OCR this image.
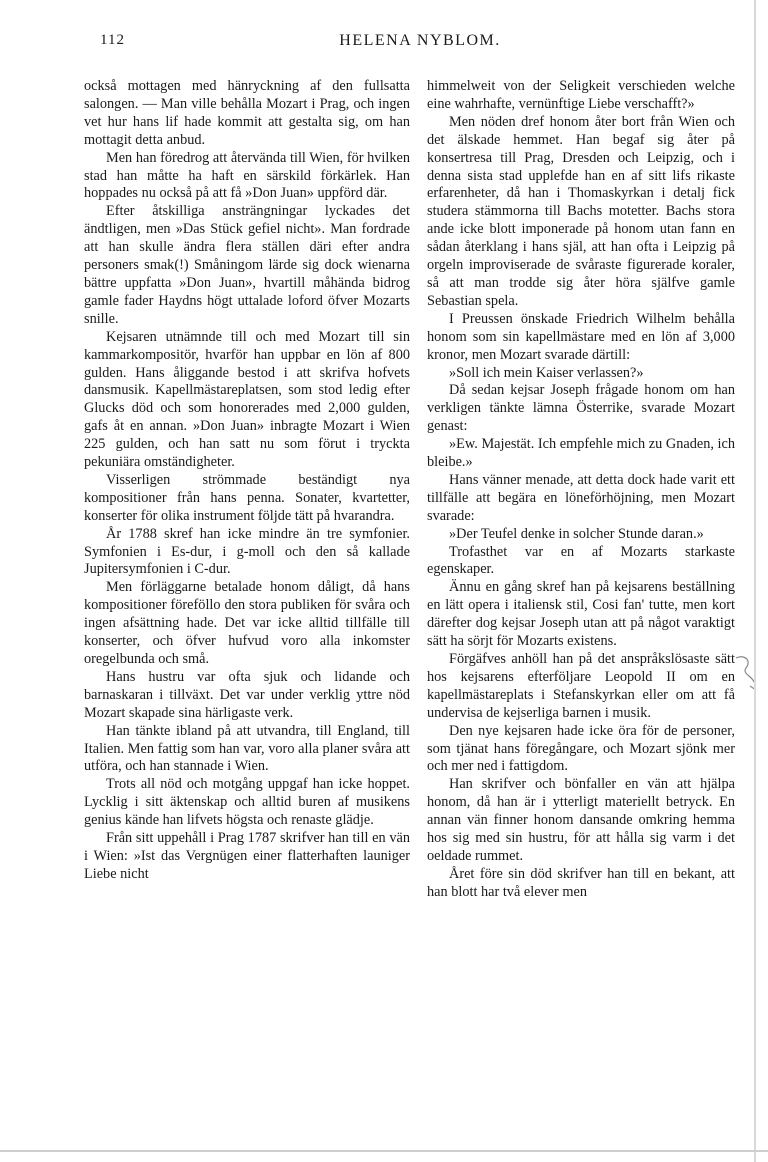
112	HELENA NYBLOM.

också mottagen med hänryckning af den fullsatta salongen. — Man ville behålla Mozart i Prag, och ingen vet hur hans lif hade kommit att gestalta sig, om han mottagit detta anbud.

Men han föredrog att återvända till Wien, för hvilken stad han måtte ha haft en särskild förkärlek. Han hoppades nu också på att få »Don Juan» uppförd där.

Efter åtskilliga ansträngningar lyckades det ändtligen, men »Das Stück gefiel nicht». Man fordrade att han skulle ändra flera ställen däri efter andra personers smak(!) Småningom lärde sig dock wienarna bättre uppfatta »Don Juan», hvartill måhända bidrog gamle fader Haydns högt uttalade loford öfver Mozarts snille.

Kejsaren utnämnde till och med Mozart till sin kammarkompositör, hvarför han uppbar en lön af 800 gulden. Hans åliggande bestod i att skrifva hofvets dansmusik. Kapellmästareplatsen, som stod ledig efter Glucks död och som honorerades med 2,000 gulden, gafs åt en annan. »Don Juan» inbragte Mozart i Wien 225 gulden, och han satt nu som förut i tryckta pekuniära omständigheter.

Visserligen strömmade beständigt nya kompositioner från hans penna. Sonater, kvartetter, konserter för olika instrument följde tätt på hvarandra.

År 1788 skref han icke mindre än tre symfonier. Symfonien i Es-dur, i g-moll och den så kallade Jupitersymfonien i C-dur.

Men förläggarne betalade honom dåligt, då hans kompositioner föreföllo den stora publiken för svåra och ingen afsättning hade. Det var icke alltid tillfälle till konserter, och öfver hufvud voro alla inkomster oregelbunda och små.

Hans hustru var ofta sjuk och lidande och barnaskaran i tillväxt. Det var under verklig yttre nöd Mozart skapade sina härligaste verk.

Han tänkte ibland på att utvandra, till England, till Italien. Men fattig som han var, voro alla planer svåra att utföra, och han stannade i Wien.

Trots all nöd och motgång uppgaf han icke hoppet. Lycklig i sitt äktenskap och alltid buren af musikens genius kände han lifvets högsta och renaste glädje.

Från sitt uppehåll i Prag 1787 skrifver han till en vän i Wien: »Ist das Vergnügen einer flatterhaften launiger Liebe nicht

himmelweit von der Seligkeit verschieden welche eine wahrhafte, vernünftige Liebe verschafft?»

Men nöden dref honom åter bort från Wien och det älskade hemmet. Han begaf sig åter på konsertresa till Prag, Dresden och Leipzig, och i denna sista stad upplefde han en af sitt lifs rikaste erfarenheter, då han i Thomaskyrkan i detalj fick studera stämmorna till Bachs motetter. Bachs stora ande icke blott imponerade på honom utan fann en sådan återklang i hans själ, att han ofta i Leipzig på orgeln improviserade de svåraste figurerade koraler, så att man trodde sig åter höra själfve gamle Sebastian spela.

I Preussen önskade Friedrich Wilhelm behålla honom som sin kapellmästare med en lön af 3,000 kronor, men Mozart svarade därtill:

»Soll ich mein Kaiser verlassen?»

Då sedan kejsar Joseph frågade honom om han verkligen tänkte lämna Österrike, svarade Mozart genast:

»Ew. Majestät. Ich empfehle mich zu Gnaden, ich bleibe.»

Hans vänner menade, att detta dock hade varit ett tillfälle att begära en löneförhöjning, men Mozart svarade:

»Der Teufel denke in solcher Stunde daran.»

Trofasthet var en af Mozarts starkaste egenskaper.

Ännu en gång skref han på kejsarens beställning en lätt opera i italiensk stil, Cosi fan' tutte, men kort därefter dog kejsar Joseph utan att på något varaktigt sätt ha sörjt för Mozarts existens.

Förgäfves anhöll han på det anspråkslösaste sätt hos kejsarens efterföljare Leopold II om en kapellmästareplats i Stefanskyrkan eller om att få undervisa de kejserliga barnen i musik.

Den nye kejsaren hade icke öra för de personer, som tjänat hans föregångare, och Mozart sjönk mer och mer ned i fattigdom.

Han skrifver och bönfaller en vän att hjälpa honom, då han är i ytterligt materiellt betryck. En annan vän finner honom dansande omkring hemma hos sig med sin hustru, för att hålla sig varm i det oeldade rummet.

Året före sin död skrifver han till en bekant, att han blott har två elever men
